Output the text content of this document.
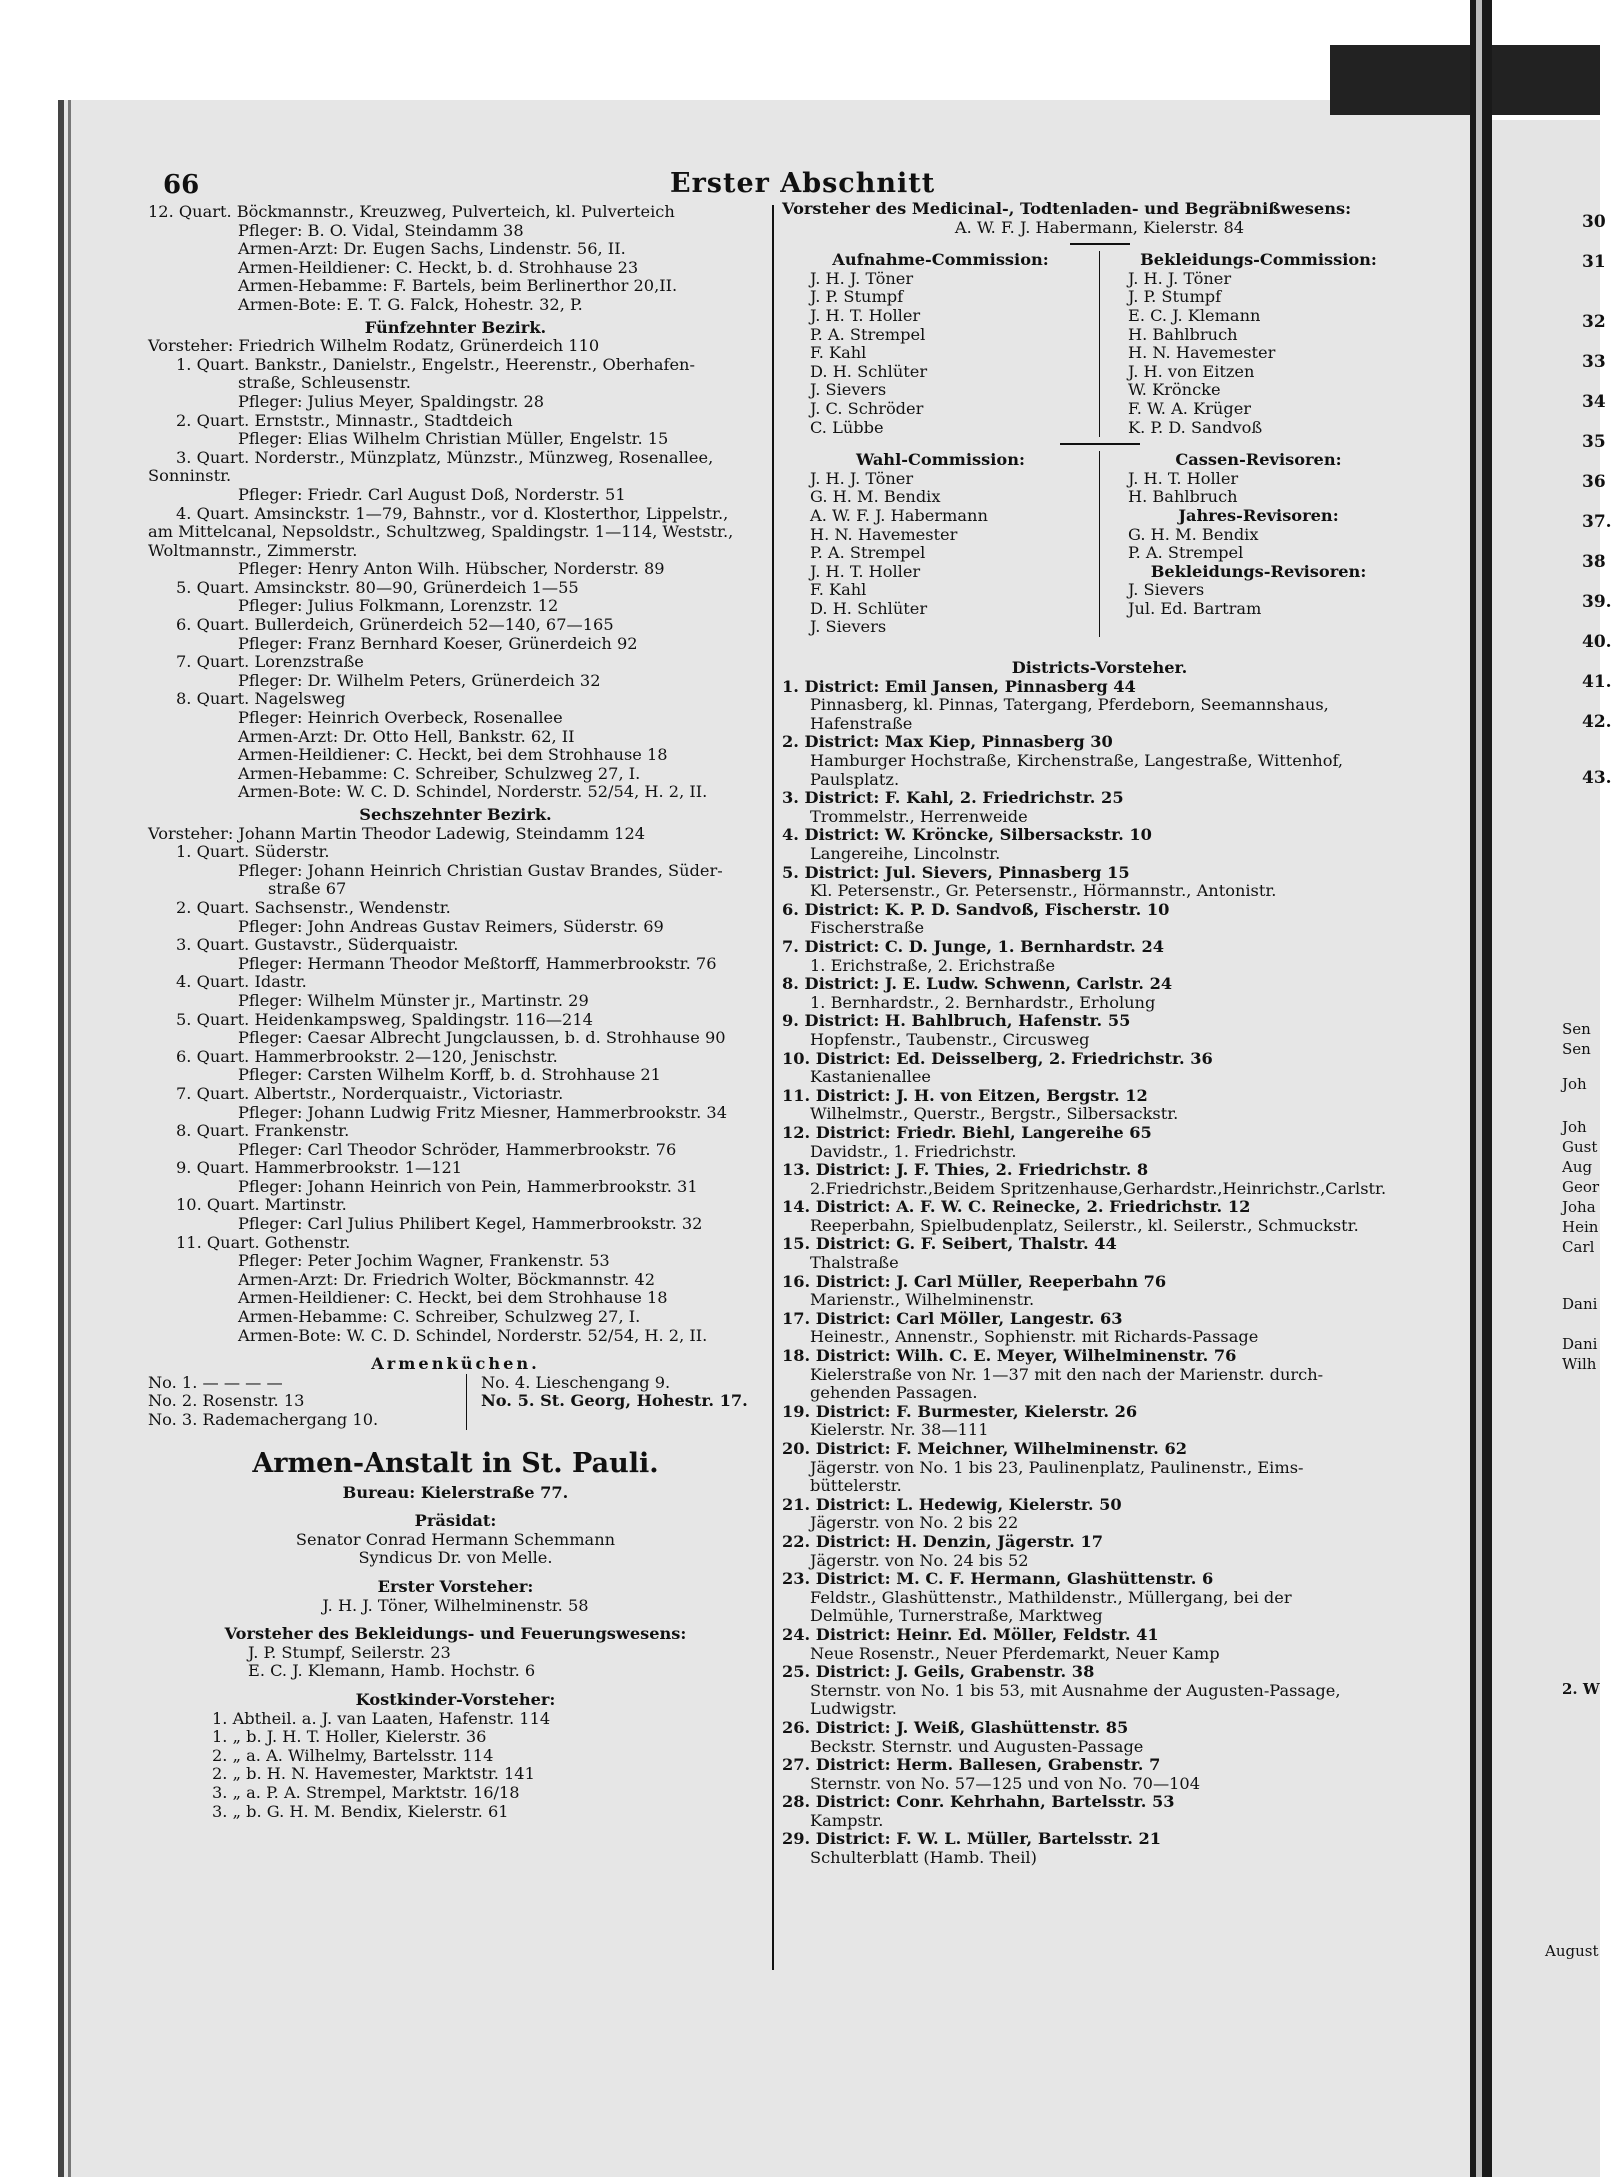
30
31
32
33
34
35
36
37.
38
39.
40.
41.
42.
43.
Sen
Sen
Joh
Joh
Gust
Aug
Geor
Joha
Hein
Carl
Dani
Dani
Wilh
2. W
August
66	Erster Abschnitt
12. Quart. Böckmannstr., Kreuzweg, Pulverteich, kl. Pulverteich
Pfleger: B. O. Vidal, Steindamm 38
Armen-Arzt: Dr. Eugen Sachs, Lindenstr. 56, II.
Armen-Heildiener: C. Heckt, b. d. Strohhause 23
Armen-Hebamme: F. Bartels, beim Berlinerthor 20,II.
Armen-Bote: E. T. G. Falck, Hohestr. 32, P.
Fünfzehnter Bezirk.
Vorsteher: Friedrich Wilhelm Rodatz, Grünerdeich 110
1. Quart. Bankstr., Danielstr., Engelstr., Heerenstr., Oberhafen-
straße, Schleusenstr.
Pfleger: Julius Meyer, Spaldingstr. 28
2. Quart. Ernststr., Minnastr., Stadtdeich
Pfleger: Elias Wilhelm Christian Müller, Engelstr. 15
3. Quart. Norderstr., Münzplatz, Münzstr., Münzweg, Rosenallee,
Sonninstr.
Pfleger: Friedr. Carl August Doß, Norderstr. 51
4. Quart. Amsinckstr. 1—79, Bahnstr., vor d. Klosterthor, Lippelstr.,
am Mittelcanal, Nepsoldstr., Schultzweg, Spaldingstr. 1—114, Weststr.,
Woltmannstr., Zimmerstr.
Pfleger: Henry Anton Wilh. Hübscher, Norderstr. 89
5. Quart. Amsinckstr. 80—90, Grünerdeich 1—55
Pfleger: Julius Folkmann, Lorenzstr. 12
6. Quart. Bullerdeich, Grünerdeich 52—140, 67—165
Pfleger: Franz Bernhard Koeser, Grünerdeich 92
7. Quart. Lorenzstraße
Pfleger: Dr. Wilhelm Peters, Grünerdeich 32
8. Quart. Nagelsweg
Pfleger: Heinrich Overbeck, Rosenallee
Armen-Arzt: Dr. Otto Hell, Bankstr. 62, II
Armen-Heildiener: C. Heckt, bei dem Strohhause 18
Armen-Hebamme: C. Schreiber, Schulzweg 27, I.
Armen-Bote: W. C. D. Schindel, Norderstr. 52/54, H. 2, II.
Sechszehnter Bezirk.
Vorsteher: Johann Martin Theodor Ladewig, Steindamm 124
1. Quart. Süderstr.
Pfleger: Johann Heinrich Christian Gustav Brandes, Süder-
straße 67
2. Quart. Sachsenstr., Wendenstr.
Pfleger: John Andreas Gustav Reimers, Süderstr. 69
3. Quart. Gustavstr., Süderquaistr.
Pfleger: Hermann Theodor Meßtorff, Hammerbrookstr. 76
4. Quart. Idastr.
Pfleger: Wilhelm Münster jr., Martinstr. 29
5. Quart. Heidenkampsweg, Spaldingstr. 116—214
Pfleger: Caesar Albrecht Jungclaussen, b. d. Strohhause 90
6. Quart. Hammerbrookstr. 2—120, Jenischstr.
Pfleger: Carsten Wilhelm Korff, b. d. Strohhause 21
7. Quart. Albertstr., Norderquaistr., Victoriastr.
Pfleger: Johann Ludwig Fritz Miesner, Hammerbrookstr. 34
8. Quart. Frankenstr.
Pfleger: Carl Theodor Schröder, Hammerbrookstr. 76
9. Quart. Hammerbrookstr. 1—121
Pfleger: Johann Heinrich von Pein, Hammerbrookstr. 31
10. Quart. Martinstr.
Pfleger: Carl Julius Philibert Kegel, Hammerbrookstr. 32
11. Quart. Gothenstr.
Pfleger: Peter Jochim Wagner, Frankenstr. 53
Armen-Arzt: Dr. Friedrich Wolter, Böckmannstr. 42
Armen-Heildiener: C. Heckt, bei dem Strohhause 18
Armen-Hebamme: C. Schreiber, Schulzweg 27, I.
Armen-Bote: W. C. D. Schindel, Norderstr. 52/54, H. 2, II.
Armenküchen.
No. 1. — — — —
No. 2. Rosenstr. 13
No. 3. Rademachergang 10.
No. 4. Lieschengang 9.
No. 5. St. Georg, Hohestr. 17.
Armen-Anstalt in St. Pauli.
Bureau: Kielerstraße 77.
Präsidat:
Senator Conrad Hermann Schemmann
Syndicus Dr. von Melle.
Erster Vorsteher:
J. H. J. Töner, Wilhelminenstr. 58
Vorsteher des Bekleidungs- und Feuerungswesens:
J. P. Stumpf, Seilerstr. 23
E. C. J. Klemann, Hamb. Hochstr. 6
Kostkinder-Vorsteher:
1. Abtheil. a. J. van Laaten, Hafenstr. 114
1. „ b. J. H. T. Holler, Kielerstr. 36
2. „ a. A. Wilhelmy, Bartelsstr. 114
2. „ b. H. N. Havemester, Marktstr. 141
3. „ a. P. A. Strempel, Marktstr. 16/18
3. „ b. G. H. M. Bendix, Kielerstr. 61
Vorsteher des Medicinal-, Todtenladen- und Begräbnißwesens:
A. W. F. J. Habermann, Kielerstr. 84
Aufnahme-Commission:
J. H. J. Töner
J. P. Stumpf
J. H. T. Holler
P. A. Strempel
F. Kahl
D. H. Schlüter
J. Sievers
J. C. Schröder
C. Lübbe
Bekleidungs-Commission:
J. H. J. Töner
J. P. Stumpf
E. C. J. Klemann
H. Bahlbruch
H. N. Havemester
J. H. von Eitzen
W. Kröncke
F. W. A. Krüger
K. P. D. Sandvoß
Wahl-Commission:
J. H. J. Töner
G. H. M. Bendix
A. W. F. J. Habermann
H. N. Havemester
P. A. Strempel
J. H. T. Holler
F. Kahl
D. H. Schlüter
J. Sievers
Cassen-Revisoren:
J. H. T. Holler
H. Bahlbruch
Jahres-Revisoren:
G. H. M. Bendix
P. A. Strempel
Bekleidungs-Revisoren:
J. Sievers
Jul. Ed. Bartram
Districts-Vorsteher.
1. District: Emil Jansen, Pinnasberg 44
Pinnasberg, kl. Pinnas, Tatergang, Pferdeborn, Seemannshaus,
Hafenstraße
2. District: Max Kiep, Pinnasberg 30
Hamburger Hochstraße, Kirchenstraße, Langestraße, Wittenhof,
Paulsplatz.
3. District: F. Kahl, 2. Friedrichstr. 25
Trommelstr., Herrenweide
4. District: W. Kröncke, Silbersackstr. 10
Langereihe, Lincolnstr.
5. District: Jul. Sievers, Pinnasberg 15
Kl. Petersenstr., Gr. Petersenstr., Hörmannstr., Antonistr.
6. District: K. P. D. Sandvoß, Fischerstr. 10
Fischerstraße
7. District: C. D. Junge, 1. Bernhardstr. 24
1. Erichstraße, 2. Erichstraße
8. District: J. E. Ludw. Schwenn, Carlstr. 24
1. Bernhardstr., 2. Bernhardstr., Erholung
9. District: H. Bahlbruch, Hafenstr. 55
Hopfenstr., Taubenstr., Circusweg
10. District: Ed. Deisselberg, 2. Friedrichstr. 36
Kastanienallee
11. District: J. H. von Eitzen, Bergstr. 12
Wilhelmstr., Querstr., Bergstr., Silbersackstr.
12. District: Friedr. Biehl, Langereihe 65
Davidstr., 1. Friedrichstr.
13. District: J. F. Thies, 2. Friedrichstr. 8
2.Friedrichstr.,Beidem Spritzenhause,Gerhardstr.,Heinrichstr.,Carlstr.
14. District: A. F. W. C. Reinecke, 2. Friedrichstr. 12
Reeperbahn, Spielbudenplatz, Seilerstr., kl. Seilerstr., Schmuckstr.
15. District: G. F. Seibert, Thalstr. 44
Thalstraße
16. District: J. Carl Müller, Reeperbahn 76
Marienstr., Wilhelminenstr.
17. District: Carl Möller, Langestr. 63
Heinestr., Annenstr., Sophienstr. mit Richards-Passage
18. District: Wilh. C. E. Meyer, Wilhelminenstr. 76
Kielerstraße von Nr. 1—37 mit den nach der Marienstr. durch-
gehenden Passagen.
19. District: F. Burmester, Kielerstr. 26
Kielerstr. Nr. 38—111
20. District: F. Meichner, Wilhelminenstr. 62
Jägerstr. von No. 1 bis 23, Paulinenplatz, Paulinenstr., Eims-
büttelerstr.
21. District: L. Hedewig, Kielerstr. 50
Jägerstr. von No. 2 bis 22
22. District: H. Denzin, Jägerstr. 17
Jägerstr. von No. 24 bis 52
23. District: M. C. F. Hermann, Glashüttenstr. 6
Feldstr., Glashüttenstr., Mathildenstr., Müllergang, bei der
Delmühle, Turnerstraße, Marktweg
24. District: Heinr. Ed. Möller, Feldstr. 41
Neue Rosenstr., Neuer Pferdemarkt, Neuer Kamp
25. District: J. Geils, Grabenstr. 38
Sternstr. von No. 1 bis 53, mit Ausnahme der Augusten-Passage,
Ludwigstr.
26. District: J. Weiß, Glashüttenstr. 85
Beckstr. Sternstr. und Augusten-Passage
27. District: Herm. Ballesen, Grabenstr. 7
Sternstr. von No. 57—125 und von No. 70—104
28. District: Conr. Kehrhahn, Bartelsstr. 53
Kampstr.
29. District: F. W. L. Müller, Bartelsstr. 21
Schulterblatt (Hamb. Theil)
